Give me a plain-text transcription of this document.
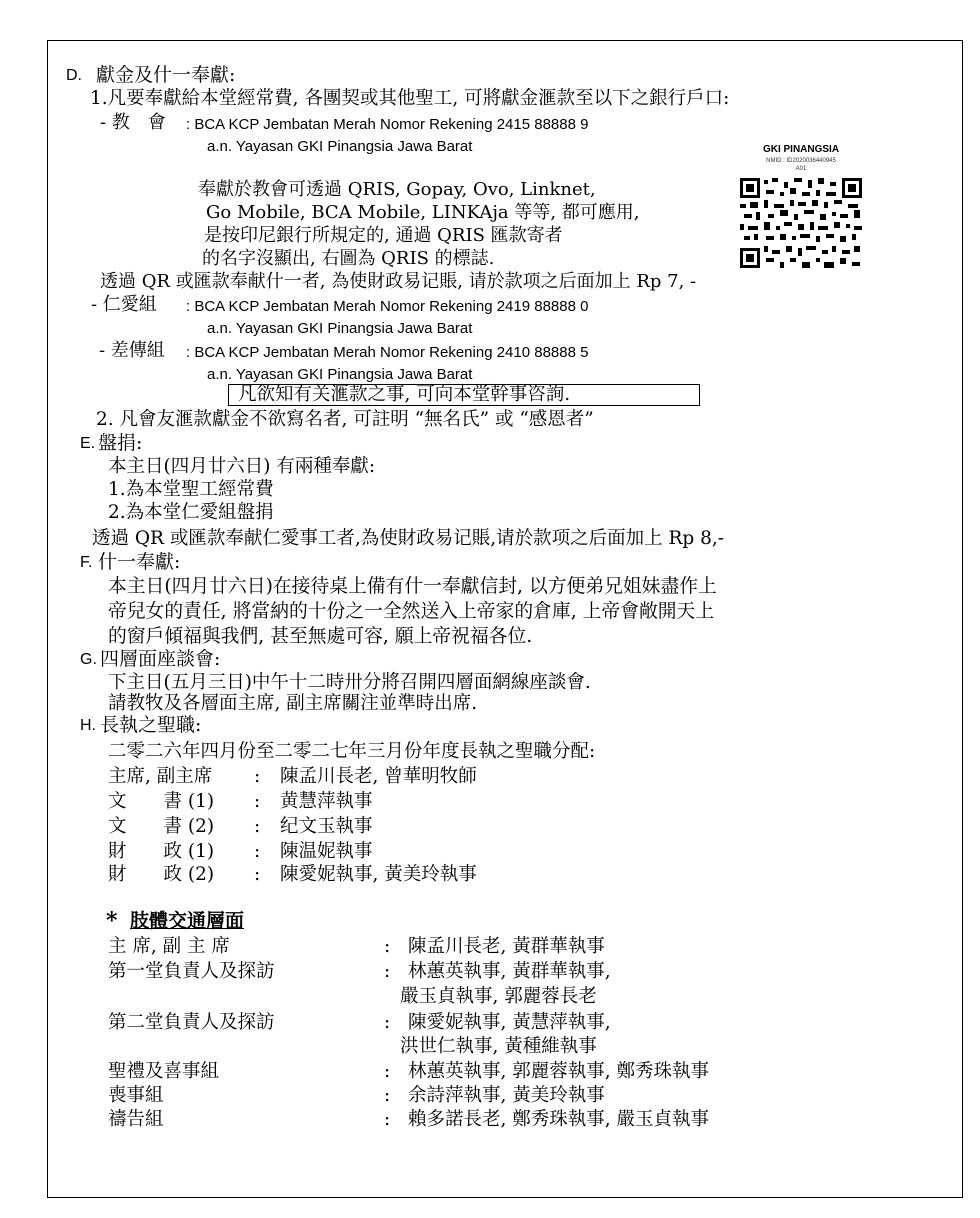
D. 獻金及什一奉獻:
1.凡要奉獻給本堂經常費, 各團契或其他聖工, 可將獻金滙款至以下之銀行戶口:
- 教　會 : BCA KCP Jembatan Merah Nomor Rekening 2415 88888 9
a.n. Yayasan GKI Pinangsia Jawa Barat
奉獻於教會可透過 QRIS, Gopay, Ovo, Linknet,
Go Mobile, BCA Mobile, LINKAja 等等, 都可應用,
是按印尼銀行所規定的, 通過 QRIS 匯款寄者
的名字沒顯出, 右圖為 QRIS 的標誌.
GKI PINANGSIA
NMID : ID2020036440945
A01
透過 QR 或匯款奉献什一者, 為使財政易记賬, 请於款项之后面加上 Rp 7, -
- 仁愛組 : BCA KCP Jembatan Merah Nomor Rekening 2419 88888 0
a.n. Yayasan GKI Pinangsia Jawa Barat
- 差傳組 : BCA KCP Jembatan Merah Nomor Rekening 2410 88888 5
a.n. Yayasan GKI Pinangsia Jawa Barat
凡欲知有关滙款之事, 可向本堂幹事咨詢.
2. 凡會友滙款獻金不欲寫名者, 可註明 “無名氏” 或 “感恩者”
E. 盤捐:
本主日(四月廿六日) 有兩種奉獻:
1.為本堂聖工經常費
2.為本堂仁愛組盤捐
透過 QR 或匯款奉献仁愛事工者,為使財政易记賬,请於款项之后面加上 Rp 8,-
F. 什一奉獻:
本主日(四月廿六日)在接待桌上備有什一奉獻信封, 以方便弟兄姐妹盡作上
帝兒女的責任, 將當納的十份之一全然送入上帝家的倉庫, 上帝會敞開天上
的窗戶傾福與我們, 甚至無處可容, 願上帝祝福各位.
G. 四層面座談會:
下主日(五月三日)中午十二時卅分將召開四層面網線座談會.
請教牧及各層面主席, 副主席關注並準時出席.
H. 長執之聖職:
二零二六年四月份至二零二七年三月份年度長執之聖職分配:
主席, 副主席 : 陳孟川長老, 曾華明牧師
文　　書 (1) : 黄慧萍執事
文　　書 (2) : 纪文玉執事
財　　政 (1) : 陳温妮執事
財　　政 (2) : 陳愛妮執事, 黃美玲執事
* 肢體交通層面
主 席, 副 主 席	: 陳孟川長老, 黃群華執事
第一堂負責人及探訪	: 林蕙英執事, 黃群華執事,
嚴玉貞執事, 郭麗蓉長老
第二堂負責人及探訪	: 陳愛妮執事, 黃慧萍執事,
洪世仁執事, 黃種維執事
聖禮及喜事組	: 林蕙英執事, 郭麗蓉執事, 鄭秀珠執事
喪事組	: 余詩萍執事, 黃美玲執事
禱告組	: 賴多諾長老, 鄭秀珠執事, 嚴玉貞執事
